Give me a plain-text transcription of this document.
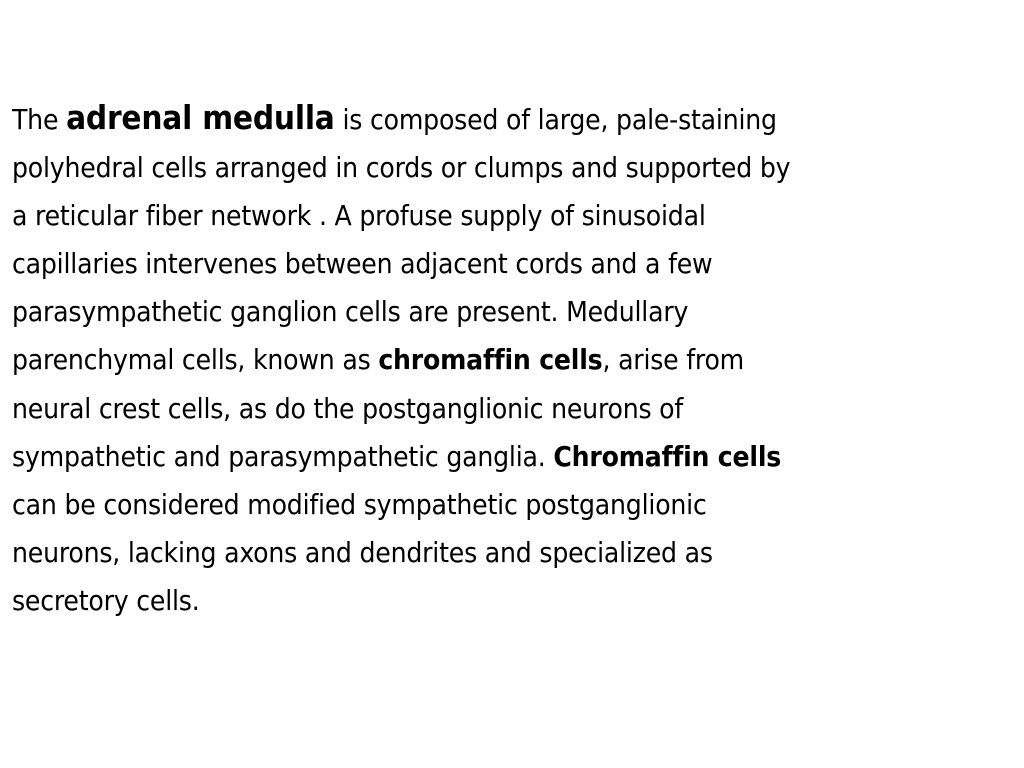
The adrenal medulla is composed of large, pale-staining
polyhedral cells arranged in cords or clumps and supported by
a reticular fiber network . A profuse supply of sinusoidal
capillaries intervenes between adjacent cords and a few
parasympathetic ganglion cells are present. Medullary
parenchymal cells, known as chromaffin cells, arise from
neural crest cells, as do the postganglionic neurons of
sympathetic and parasympathetic ganglia. Chromaffin cells
can be considered modified sympathetic postganglionic
neurons, lacking axons and dendrites and specialized as
secretory cells.
